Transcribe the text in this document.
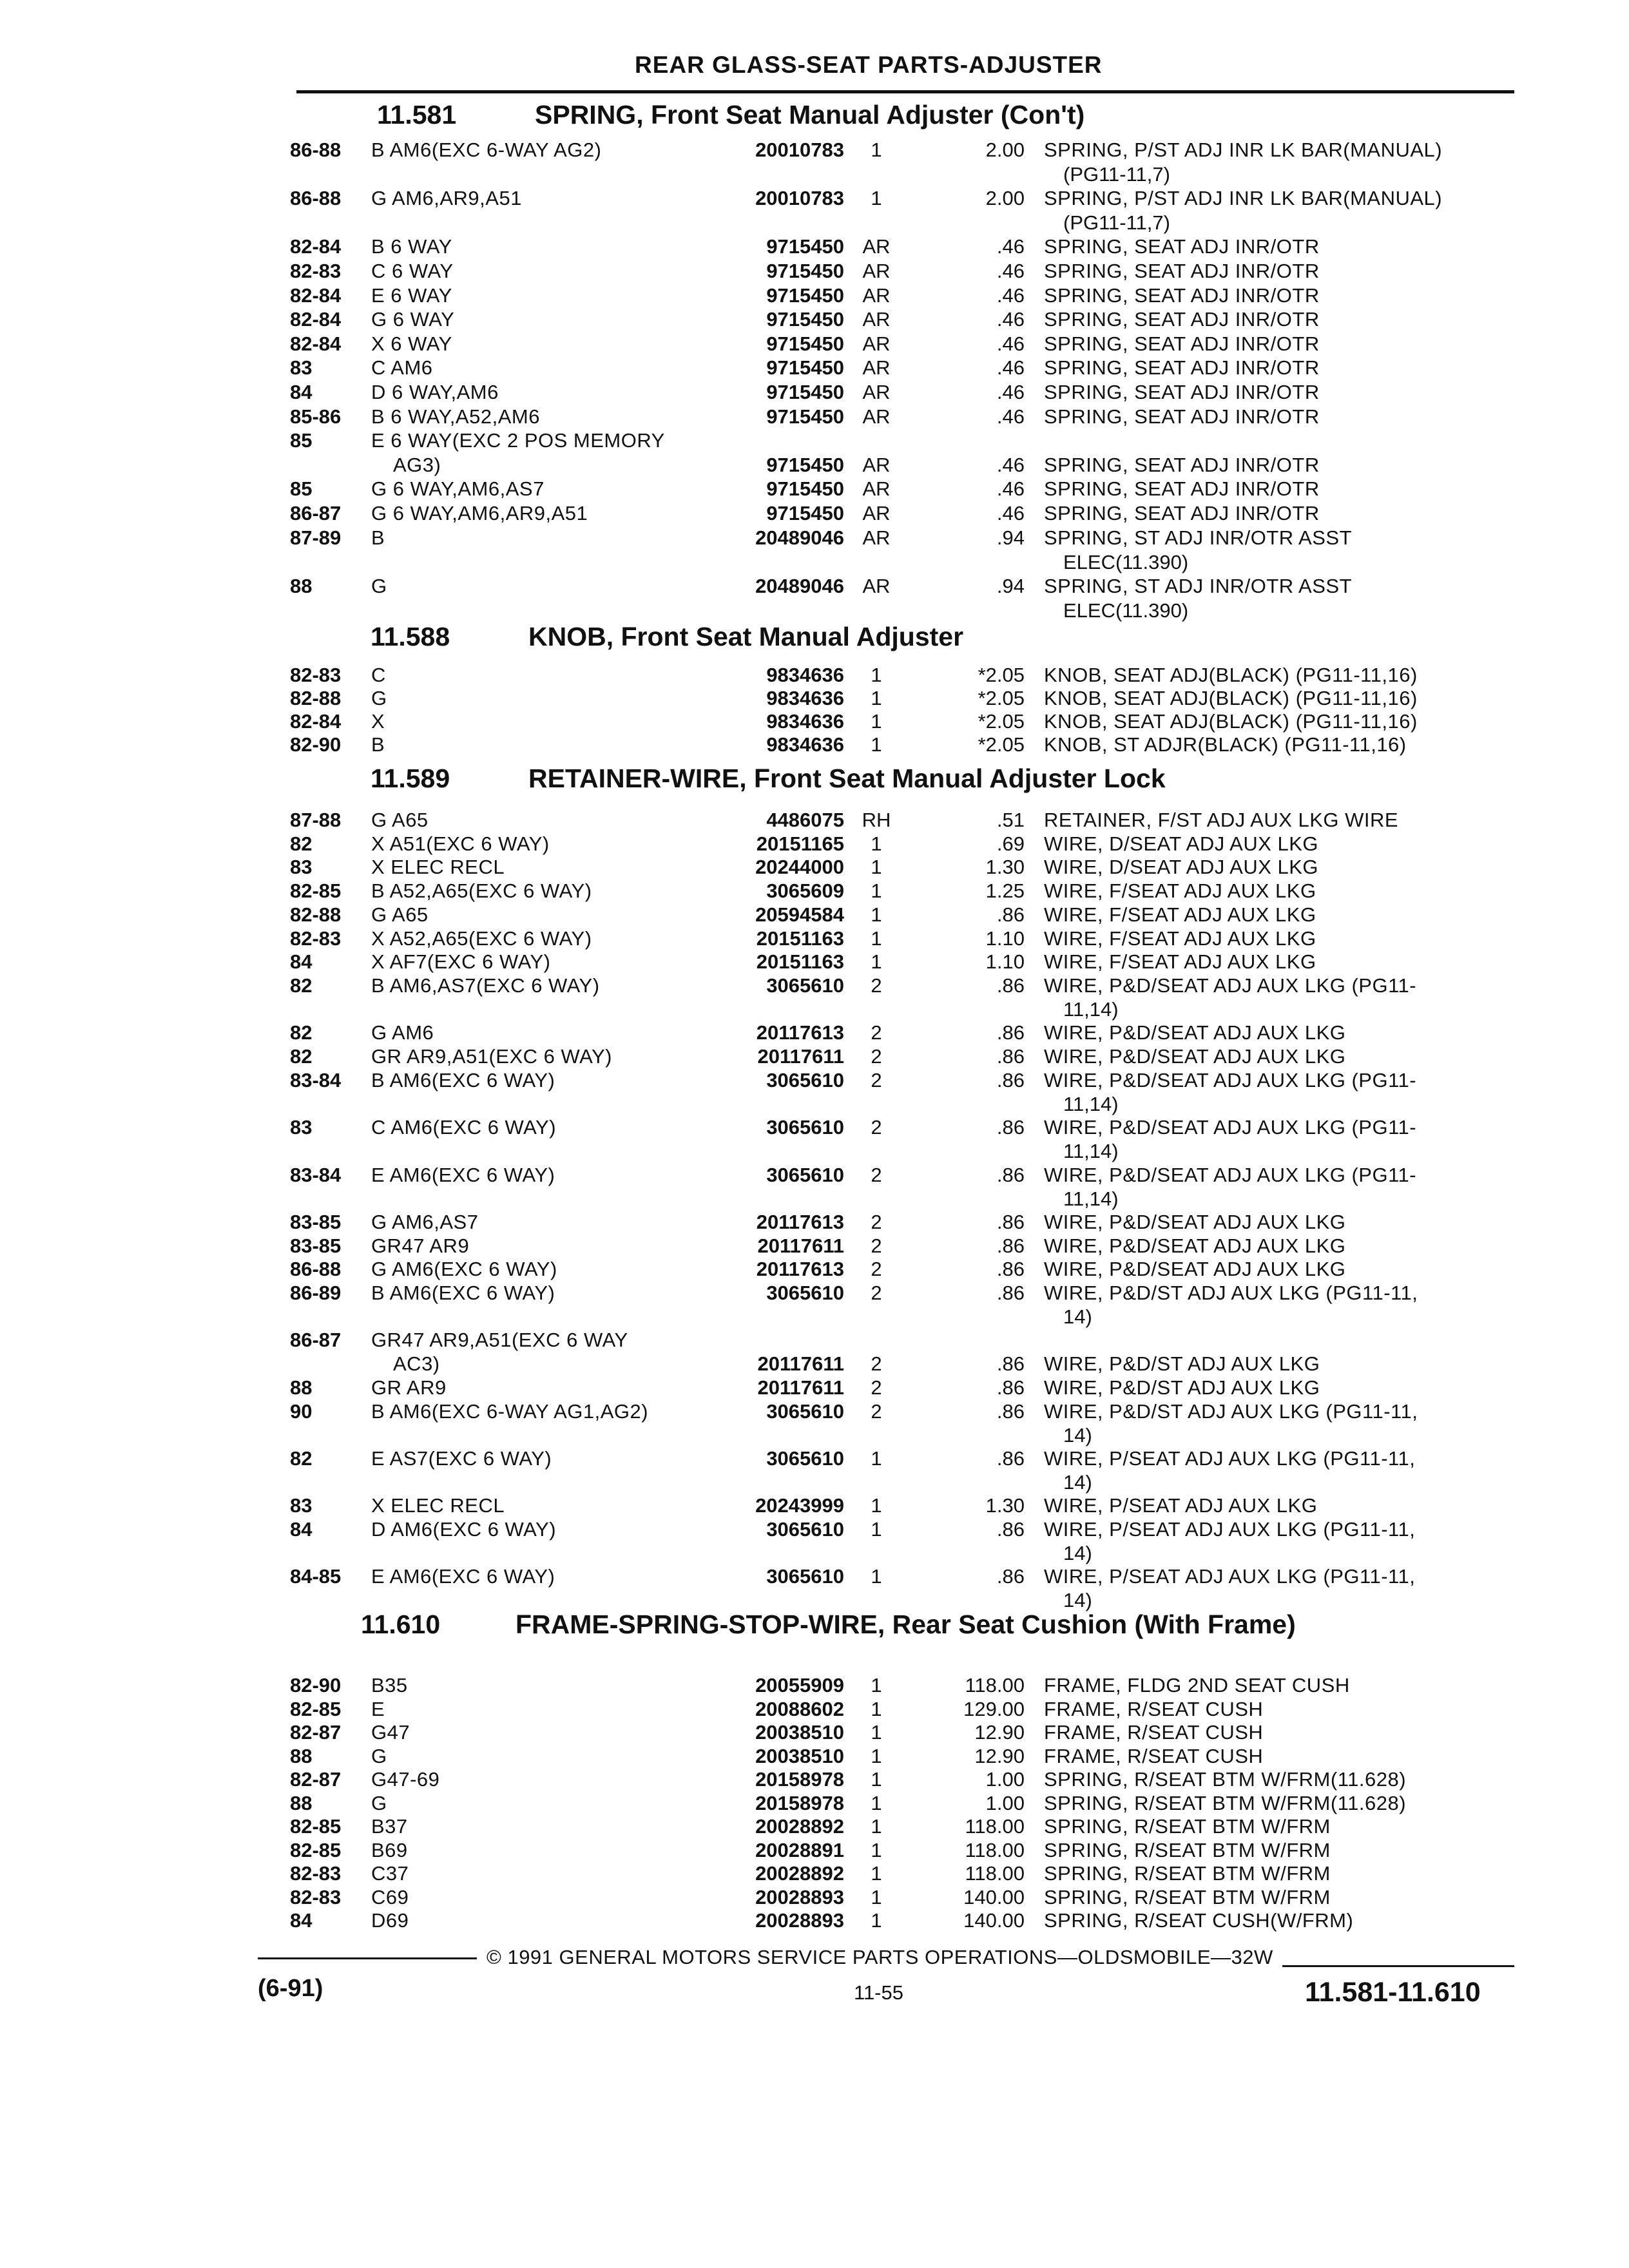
REAR GLASS-SEAT PARTS-ADJUSTER
11.581	SPRING, Front Seat Manual Adjuster (Con't)
86-88 B AM6(EXC 6-WAY AG2)	20010783	1	2.00 SPRING, P/ST ADJ INR LK BAR(MANUAL)
(PG11-11,7)
86-88 G AM6,AR9,A51	20010783	1	2.00 SPRING, P/ST ADJ INR LK BAR(MANUAL)
(PG11-11,7)
82-84 B 6 WAY	9715450 AR	.46 SPRING, SEAT ADJ INR/OTR
82-83 C 6 WAY	9715450 AR	.46 SPRING, SEAT ADJ INR/OTR
82-84 E 6 WAY	9715450 AR	.46 SPRING, SEAT ADJ INR/OTR
82-84 G 6 WAY	9715450 AR	.46 SPRING, SEAT ADJ INR/OTR
82-84 X 6 WAY	9715450 AR	.46 SPRING, SEAT ADJ INR/OTR
83	C AM6	9715450 AR	.46 SPRING, SEAT ADJ INR/OTR
84	D 6 WAY,AM6	9715450 AR	.46 SPRING, SEAT ADJ INR/OTR
85-86 B 6 WAY,A52,AM6	9715450 AR	.46 SPRING, SEAT ADJ INR/OTR
85	E 6 WAY(EXC 2 POS MEMORY
AG3)	9715450 AR	.46 SPRING, SEAT ADJ INR/OTR
85	G 6 WAY,AM6,AS7	9715450 AR	.46 SPRING, SEAT ADJ INR/OTR
86-87 G 6 WAY,AM6,AR9,A51	9715450 AR	.46 SPRING, SEAT ADJ INR/OTR
87-89 B	20489046 AR	.94 SPRING, ST ADJ INR/OTR ASST
ELEC(11.390)
88	G	20489046 AR	.94 SPRING, ST ADJ INR/OTR ASST
ELEC(11.390)
11.588	KNOB, Front Seat Manual Adjuster
82-83 C	9834636	1	*2.05 KNOB, SEAT ADJ(BLACK) (PG11-11,16)
82-88 G	9834636	1	*2.05 KNOB, SEAT ADJ(BLACK) (PG11-11,16)
82-84 X	9834636	1	*2.05 KNOB, SEAT ADJ(BLACK) (PG11-11,16)
82-90 B	9834636	1	*2.05 KNOB, ST ADJR(BLACK) (PG11-11,16)
11.589	RETAINER-WIRE, Front Seat Manual Adjuster Lock
87-88 G A65	4486075 RH	.51 RETAINER, F/ST ADJ AUX LKG WIRE
82	X A51(EXC 6 WAY)	20151165	1	.69 WIRE, D/SEAT ADJ AUX LKG
83	X ELEC RECL	20244000	1	1.30 WIRE, D/SEAT ADJ AUX LKG
82-85 B A52,A65(EXC 6 WAY)	3065609	1	1.25 WIRE, F/SEAT ADJ AUX LKG
82-88 G A65	20594584	1	.86 WIRE, F/SEAT ADJ AUX LKG
82-83 X A52,A65(EXC 6 WAY)	20151163	1	1.10 WIRE, F/SEAT ADJ AUX LKG
84	X AF7(EXC 6 WAY)	20151163	1	1.10 WIRE, F/SEAT ADJ AUX LKG
82	B AM6,AS7(EXC 6 WAY)	3065610	2	.86 WIRE, P&D/SEAT ADJ AUX LKG (PG11-
11,14)
82	G AM6	20117613	2	.86 WIRE, P&D/SEAT ADJ AUX LKG
82	GR AR9,A51(EXC 6 WAY)	20117611	2	.86 WIRE, P&D/SEAT ADJ AUX LKG
83-84 B AM6(EXC 6 WAY)	3065610	2	.86 WIRE, P&D/SEAT ADJ AUX LKG (PG11-
11,14)
83	C AM6(EXC 6 WAY)	3065610	2	.86 WIRE, P&D/SEAT ADJ AUX LKG (PG11-
11,14)
83-84 E AM6(EXC 6 WAY)	3065610	2	.86 WIRE, P&D/SEAT ADJ AUX LKG (PG11-
11,14)
83-85 G AM6,AS7	20117613	2	.86 WIRE, P&D/SEAT ADJ AUX LKG
83-85 GR47 AR9	20117611	2	.86 WIRE, P&D/SEAT ADJ AUX LKG
86-88 G AM6(EXC 6 WAY)	20117613	2	.86 WIRE, P&D/SEAT ADJ AUX LKG
86-89 B AM6(EXC 6 WAY)	3065610	2	.86 WIRE, P&D/ST ADJ AUX LKG (PG11-11,
14)
86-87 GR47 AR9,A51(EXC 6 WAY
AC3)	20117611	2	.86 WIRE, P&D/ST ADJ AUX LKG
88	GR AR9	20117611	2	.86 WIRE, P&D/ST ADJ AUX LKG
90	B AM6(EXC 6-WAY AG1,AG2)	3065610	2	.86 WIRE, P&D/ST ADJ AUX LKG (PG11-11,
14)
82	E AS7(EXC 6 WAY)	3065610	1	.86 WIRE, P/SEAT ADJ AUX LKG (PG11-11,
14)
83	X ELEC RECL	20243999	1	1.30 WIRE, P/SEAT ADJ AUX LKG
84	D AM6(EXC 6 WAY)	3065610	1	.86 WIRE, P/SEAT ADJ AUX LKG (PG11-11,
14)
84-85 E AM6(EXC 6 WAY)	3065610	1	.86 WIRE, P/SEAT ADJ AUX LKG (PG11-11,
14)
11.610	FRAME-SPRING-STOP-WIRE, Rear Seat Cushion (With Frame)
82-90 B35	20055909	1	118.00 FRAME, FLDG 2ND SEAT CUSH
82-85 E	20088602	1	129.00 FRAME, R/SEAT CUSH
82-87 G47	20038510	1	12.90 FRAME, R/SEAT CUSH
88	G	20038510	1	12.90 FRAME, R/SEAT CUSH
82-87 G47-69	20158978	1	1.00 SPRING, R/SEAT BTM W/FRM(11.628)
88	G	20158978	1	1.00 SPRING, R/SEAT BTM W/FRM(11.628)
82-85 B37	20028892	1	118.00 SPRING, R/SEAT BTM W/FRM
82-85 B69	20028891	1	118.00 SPRING, R/SEAT BTM W/FRM
82-83 C37	20028892	1	118.00 SPRING, R/SEAT BTM W/FRM
82-83 C69	20028893	1	140.00 SPRING, R/SEAT BTM W/FRM
84	D69	20028893	1	140.00 SPRING, R/SEAT CUSH(W/FRM)
© 1991 GENERAL MOTORS SERVICE PARTS OPERATIONS—OLDSMOBILE—32W
(6-91)	11-55	11.581-11.610
